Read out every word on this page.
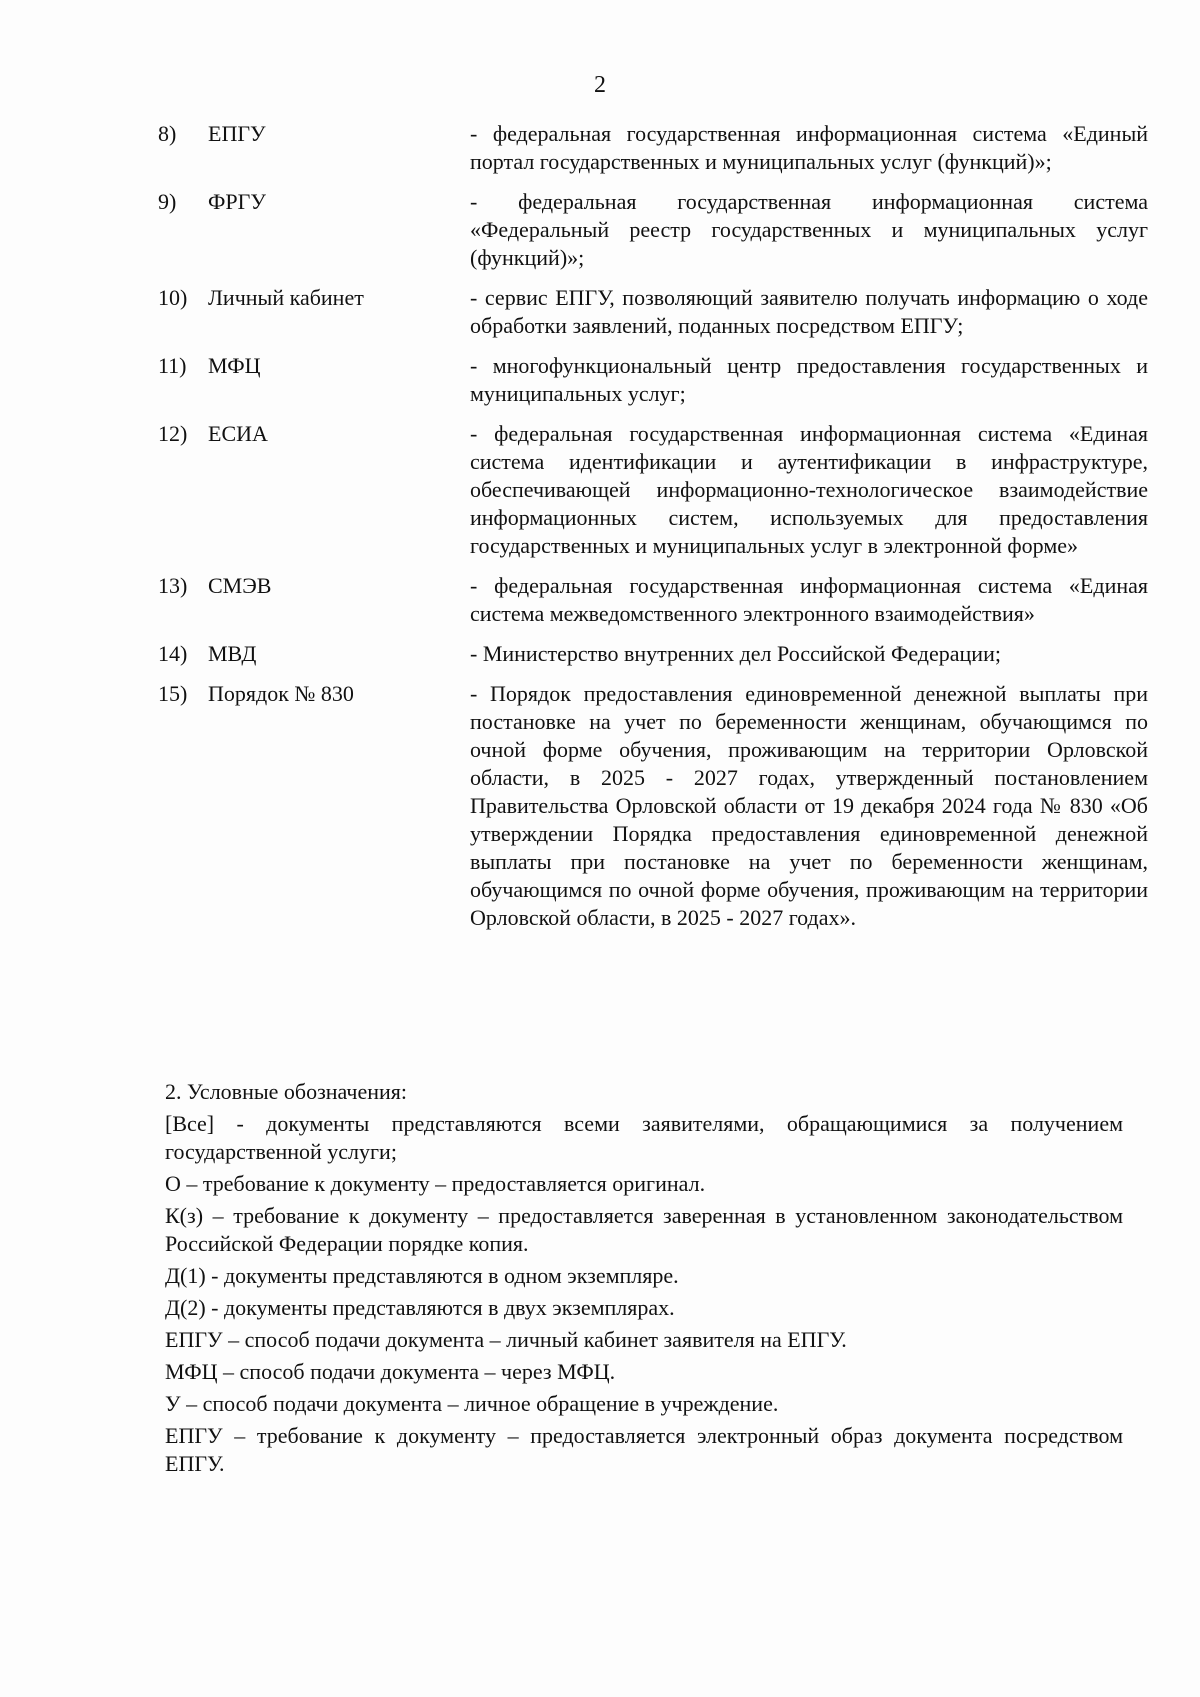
2
8)	ЕПГУ	- федеральная государственная информационная система «Единый портал государственных и муниципальных услуг (функций)»;
9)	ФРГУ	- федеральная государственная информационная система «Федеральный реестр государственных и муниципальных услуг (функций)»;
10) Личный кабинет	- сервис ЕПГУ, позволяющий заявителю получать информацию о ходе обработки заявлений, поданных посредством ЕПГУ;
11) МФЦ	- многофункциональный центр предоставления государственных и муниципальных услуг;
12) ЕСИА	- федеральная государственная информационная система «Единая система идентификации и аутентификации в инфраструктуре, обеспечивающей информационно-технологическое взаимодействие информационных систем, используемых для предоставления государственных и муниципальных услуг в электронной форме»
13) СМЭВ	- федеральная государственная информационная система «Единая система межведомственного электронного взаимодействия»
14) МВД	- Министерство внутренних дел Российской Федерации;
15) Порядок № 830	- Порядок предоставления единовременной денежной выплаты при постановке на учет по беременности женщинам, обучающимся по очной форме обучения, проживающим на территории Орловской области, в 2025 - 2027 годах, утвержденный постановлением Правительства Орловской области от 19 декабря 2024 года № 830 «Об утверждении Порядка предоставления единовременной денежной выплаты при постановке на учет по беременности женщинам, обучающимся по очной форме обучения, проживающим на территории Орловской области, в 2025 - 2027 годах».
2. Условные обозначения:
[Все] - документы представляются всеми заявителями, обращающимися за получением государственной услуги;
О – требование к документу – предоставляется оригинал.
К(з) – требование к документу – предоставляется заверенная в установленном законодательством Российской Федерации порядке копия.
Д(1) - документы представляются в одном экземпляре.
Д(2) - документы представляются в двух экземплярах.
ЕПГУ – способ подачи документа – личный кабинет заявителя на ЕПГУ.
МФЦ – способ подачи документа – через МФЦ.
У – способ подачи документа – личное обращение в учреждение.
ЕПГУ – требование к документу – предоставляется электронный образ документа посредством ЕПГУ.
